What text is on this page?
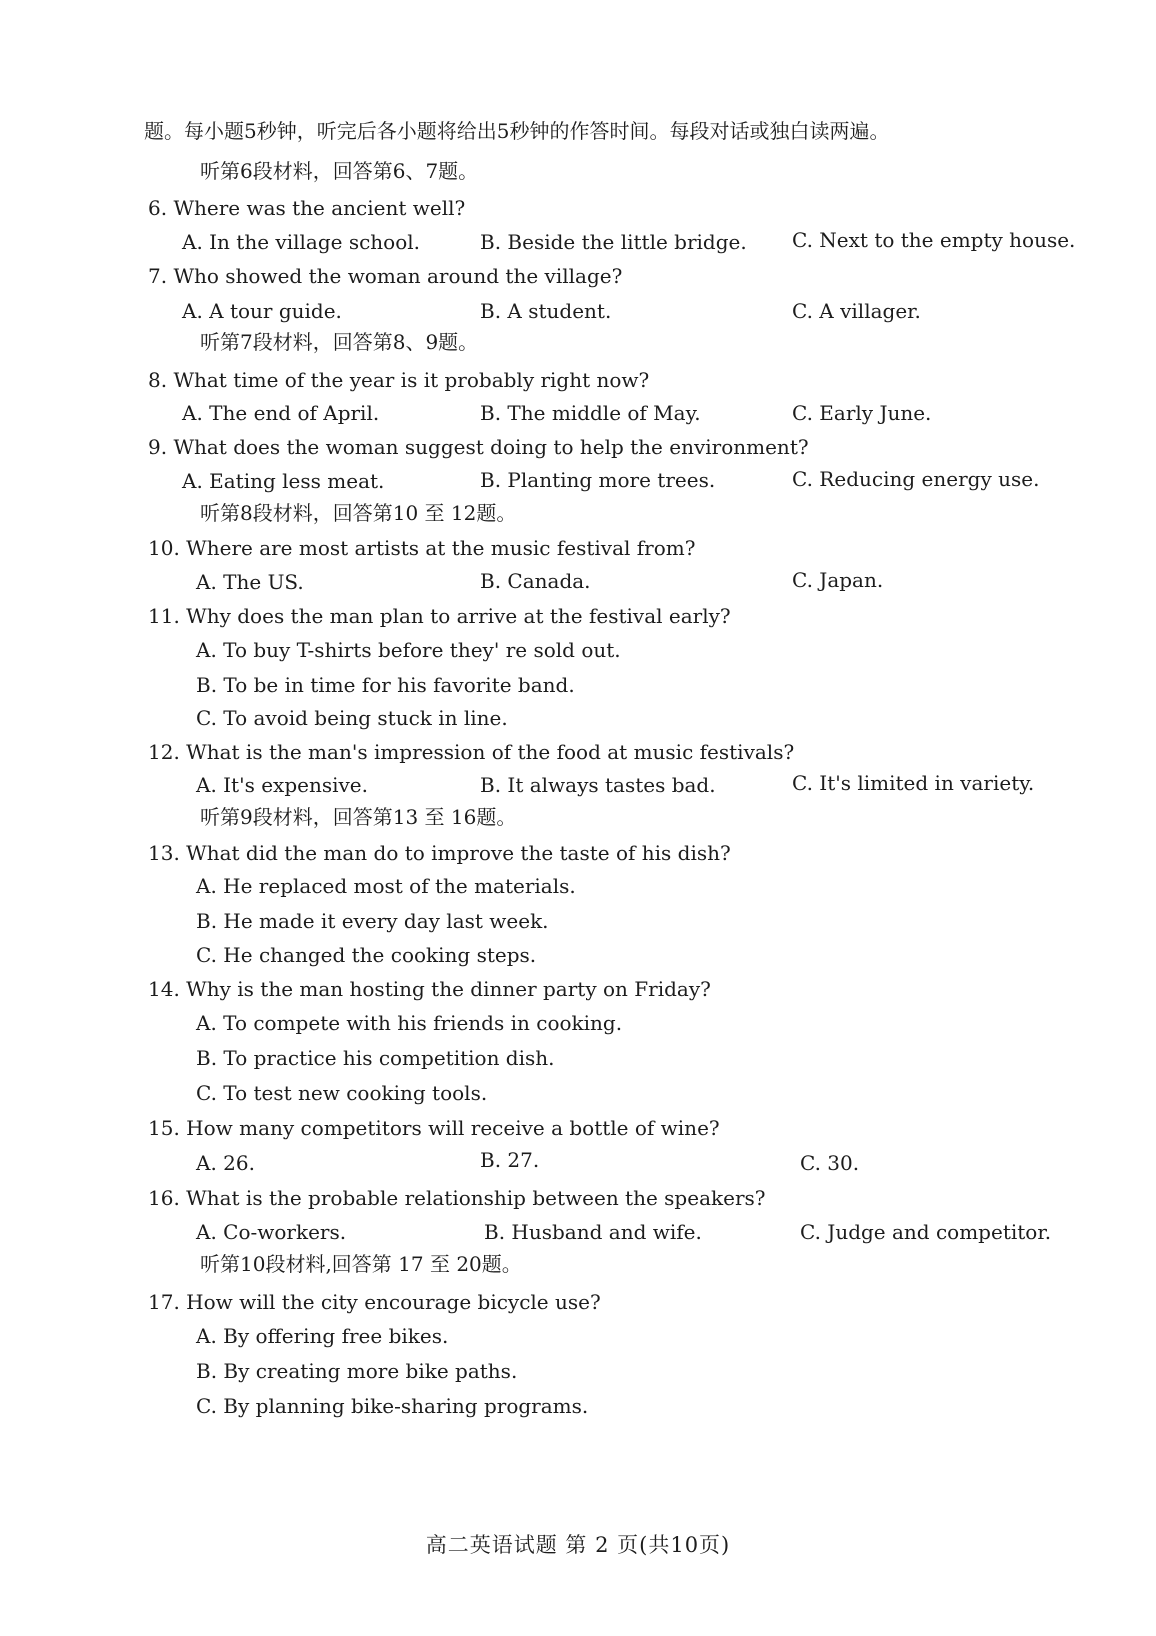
题。每小题5秒钟，听完后各小题将给出5秒钟的作答时间。每段对话或独白读两遍。
听第6段材料，回答第6、7题。
6. Where was the ancient well?
A. In the village school.	B. Beside the little bridge. C. Next to the empty house.
7. Who showed the woman around the village?
A. A tour guide.	B. A student.	C. A villager.
听第7段材料，回答第8、9题。
8. What time of the year is it probably right now?
A. The end of April.	B. The middle of May.	C. Early June.
9. What does the woman suggest doing to help the environment?
A. Eating less meat.	B. Planting more trees.	C. Reducing energy use.
听第8段材料，回答第10 至 12题。
10. Where are most artists at the music festival from?
A. The US.	B. Canada.	C. Japan.
11. Why does the man plan to arrive at the festival early?
A. To buy T-shirts before they' re sold out.
B. To be in time for his favorite band.
C. To avoid being stuck in line.
12. What is the man's impression of the food at music festivals?
A. It's expensive.	B. It always tastes bad.	C. It's limited in variety.
听第9段材料，回答第13 至 16题。
13. What did the man do to improve the taste of his dish?
A. He replaced most of the materials.
B. He made it every day last week.
C. He changed the cooking steps.
14. Why is the man hosting the dinner party on Friday?
A. To compete with his friends in cooking.
B. To practice his competition dish.
C. To test new cooking tools.
15. How many competitors will receive a bottle of wine?
A. 26.	B. 27.	C. 30.
16. What is the probable relationship between the speakers?
A. Co-workers.	B. Husband and wife.	C. Judge and competitor.
听第10段材料,回答第 17 至 20题。
17. How will the city encourage bicycle use?
A. By offering free bikes.
B. By creating more bike paths.
C. By planning bike-sharing programs.
高二英语试题 第 2 页(共10页)
